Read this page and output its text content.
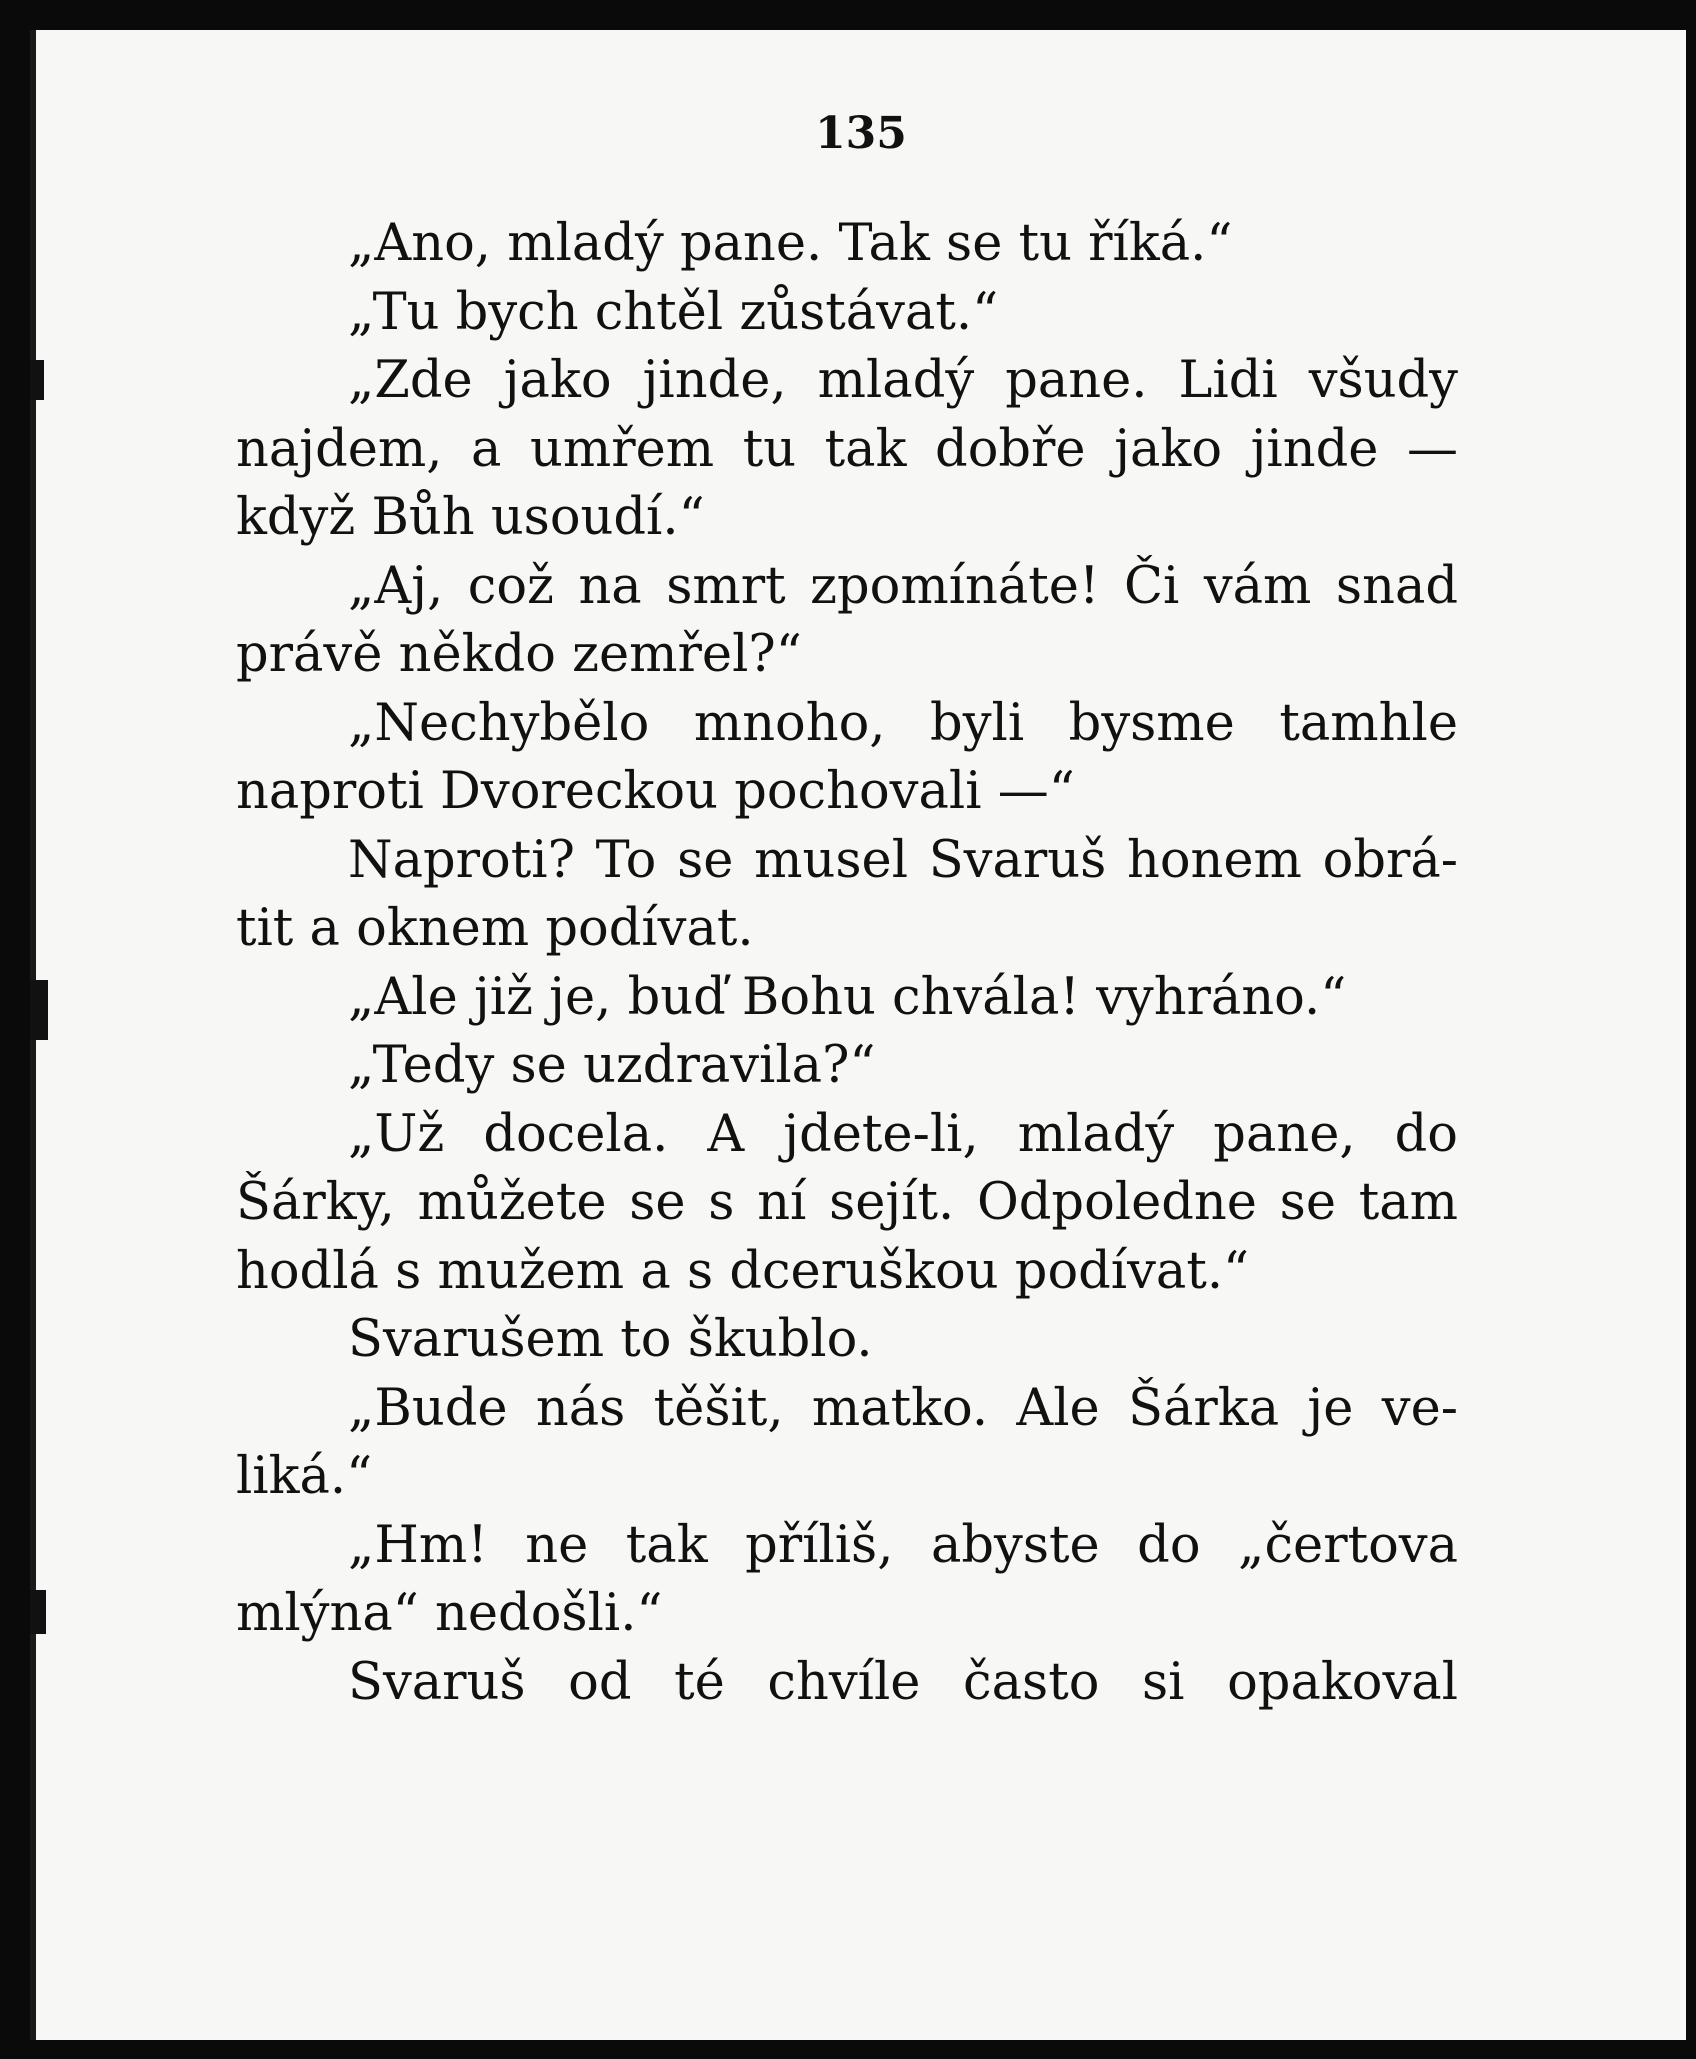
135
„Ano, mladý pane. Tak se tu říká.“
„Tu bych chtěl zůstávat.“
„Zde jako jinde, mladý pane. Lidi všudy
najdem, a umřem tu tak dobře jako jinde —
když Bůh usoudí.“
„Aj, což na smrt zpomínáte! Či vám snad
právě někdo zemřel?“
„Nechybělo mnoho, byli bysme tamhle
naproti Dvoreckou pochovali —“
Naproti? To se musel Svaruš honem obrá-
tit a oknem podívat.
„Ale již je, buď Bohu chvála! vyhráno.“
„Tedy se uzdravila?“
„Už docela. A jdete-li, mladý pane, do
Šárky, můžete se s ní sejít. Odpoledne se tam
hodlá s mužem a s dceruškou podívat.“
Svarušem to škublo.
„Bude nás těšit, matko. Ale Šárka je ve-
liká.“
„Hm! ne tak příliš, abyste do „čertova
mlýna“ nedošli.“
Svaruš od té chvíle často si opakoval
